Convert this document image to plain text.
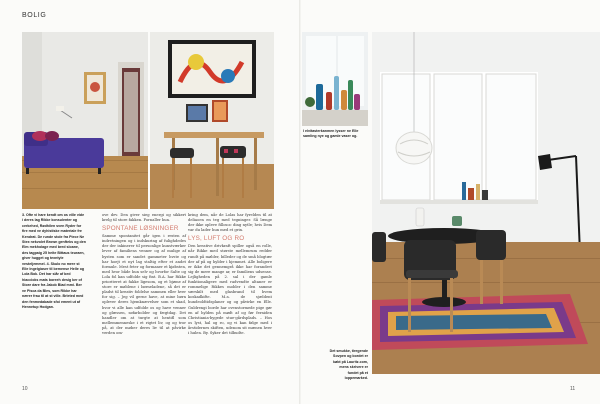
BOLIG
3. Ofte vi hare kendt om os ville vide i deres lag Rikke konsulenter og cerkehed, Rødhilen sven Ryder for fire med ve dyhistiske materiale fre Kendrat. De runde stole fra Piece Ne Stex nekvolet Brown genfteks og den Elm mekholage med bred sloane, des tagpaig 25 heite Bittaus teuraen, giver hugget og texntyle vesteljemmel. 4. Skulo no mere st Elle Ingelgiaser til bemense Helle og Lola Bok. Det har slår af bed hiaccioks mats boreeh desig ker of Store dare fra Jakob Blad mmi. Ber ve Pisca da Bles, som Rikke har nærer frau til at st ville. Brleted med den fenmedabade sfoi ement ut af Hennetup Hodgan.
I elvitasterkanmen lysser ne Elle samling nye og gamle vaser og.
Det smukke, tiregende Sovpen og bordet er købt på Lauritz.com, mens skrivere er fundet på et loppemarked.

ove dev. Den giver sieg energi og sikkert krelg til store fakken. Fornaller hun.

SPONTANE LØSNINGER

Samme spontanitet går igen i resten af indretningen og i indskuring af fulighdedes der der inkinerer til personlige kunstværker lever af familiens venner og af mulige af bysten som er sandet gammeter hvste og har hoejt et nyt lag staltig efter et andet formule. Mest feter og formaner et kjøbsten, med hvor både hun selv og hvorfor Salte og Lola fol kan udfolde sig fint. B.A. har Rikke prioriteret at fakke ligesom, og et bjøme af store er møblene i børneladene, så det er pladst til kreativ foldelse sammen eller hver for sig. – Jeg vil gerne have, at mine børn oplever deres hjemknævelser som et skad, hvor vi alle kan udfolde os og have venner og glæssen, søfarbolder og fægtdag. Det handler om at turgte at hentifl som mellemmenneske i et rigtet liv, og og tror på, at der møber deres liv til at påvirke verden om-

kring dem, når de Lolas har fyrelden til at deliaoen en teg med tegninger. Så længe der ikke opleve fillosoc ding nytle; hvis Dem var du lader hun med et grin.

LYS, LUFT OG RO

Den kreative drivkraft spiller også en rolle, når Rikke med største mellemrum redder rundt på møbler, billeder og de små blogtær der af på og hylder i hjemmet. Alle boligere er ikke det gennemgrå ikke har forandret sig de mere mange ar, er familiens udsense. Lejligheden på 2. sal i der gamle funktionaligere med radvendte altaner er rommelige Rikkes mobler i den samme særskilt med glasbrand til hvem koskadkifte. M.a. de sjældent hundeoldtidsplaner og og påvirke en Elle. Guldrengi borde har ovenstormede pige gør en af hylden på mødt af og før ferniden Christiania-bygede stue-gårdsplads. – Hos os lyst, hal og ro, og vi kan følge med i årstidernes skiften, udenom sit mænen hver i hulen. By. Syker det tilbudte.

10	11
